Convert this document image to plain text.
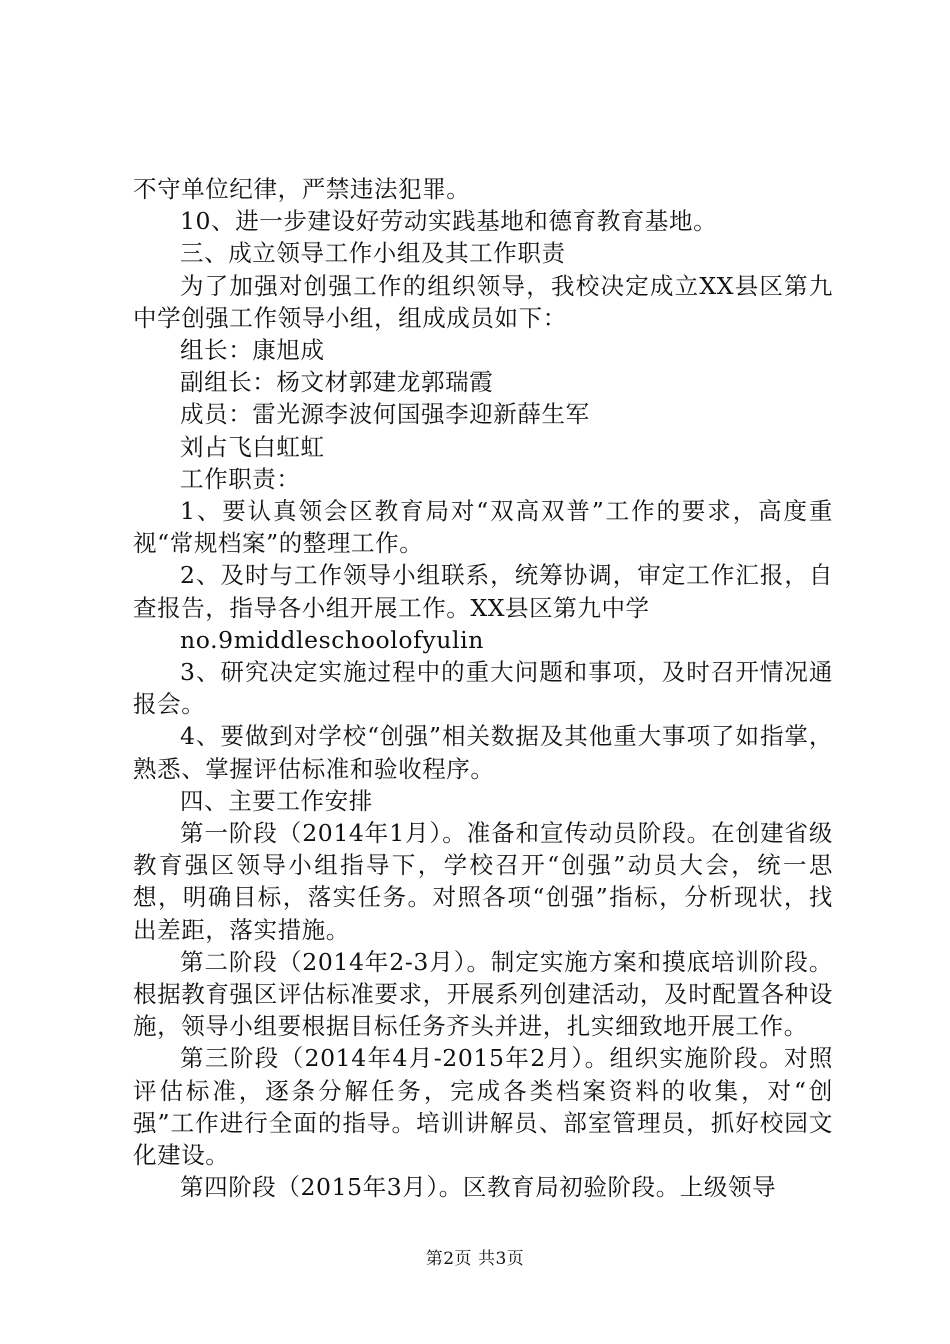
不守单位纪律，严禁违法犯罪。

10、进一步建设好劳动实践基地和德育教育基地。

三、成立领导工作小组及其工作职责

为了加强对创强工作的组织领导，我校决定成立XX县区第九中学创强工作领导小组，组成成员如下：

组长：康旭成

副组长：杨文材郭建龙郭瑞霞

成员：雷光源李波何国强李迎新薛生军

刘占飞白虹虹

工作职责：

1、要认真领会区教育局对“双高双普”工作的要求，高度重视“常规档案”的整理工作。

2、及时与工作领导小组联系，统筹协调，审定工作汇报，自查报告，指导各小组开展工作。XX县区第九中学

no.9middleschoolofyulin

3、研究决定实施过程中的重大问题和事项，及时召开情况通报会。

4、要做到对学校“创强”相关数据及其他重大事项了如指掌，熟悉、掌握评估标准和验收程序。

四、主要工作安排

第一阶段（2014年1月）。准备和宣传动员阶段。在创建省级教育强区领导小组指导下，学校召开“创强”动员大会，统一思想，明确目标，落实任务。对照各项“创强”指标，分析现状，找出差距，落实措施。

第二阶段（2014年2-3月）。制定实施方案和摸底培训阶段。根据教育强区评估标准要求，开展系列创建活动，及时配置各种设施，领导小组要根据目标任务齐头并进，扎实细致地开展工作。

第三阶段（2014年4月-2015年2月）。组织实施阶段。对照评估标准，逐条分解任务，完成各类档案资料的收集，对“创强”工作进行全面的指导。培训讲解员、部室管理员，抓好校园文化建设。

第四阶段（2015年3月）。区教育局初验阶段。上级领导

第2页 共3页
